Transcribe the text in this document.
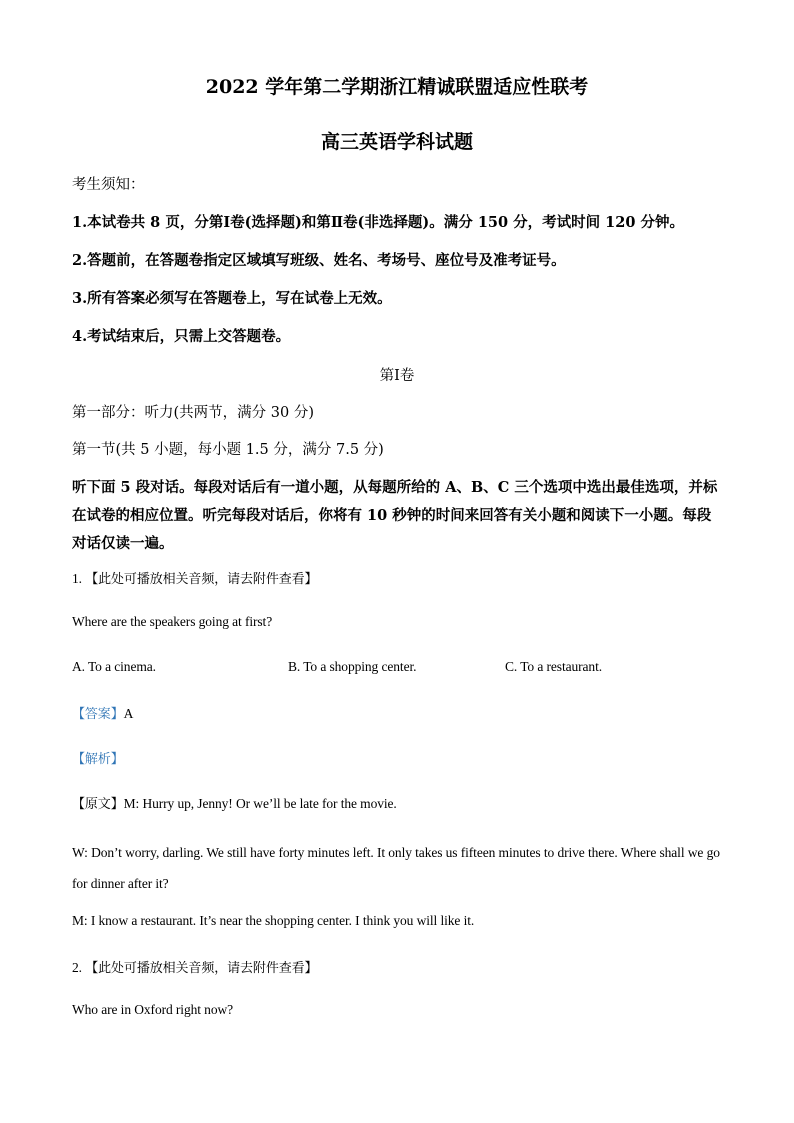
2022 学年第二学期浙江精诚联盟适应性联考
高三英语学科试题
考生须知：
1.本试卷共 8 页，分第Ⅰ卷(选择题)和第Ⅱ卷(非选择题)。满分 150 分，考试时间 120 分钟。
2.答题前，在答题卷指定区域填写班级、姓名、考场号、座位号及准考证号。
3.所有答案必须写在答题卷上，写在试卷上无效。
4.考试结束后，只需上交答题卷。
第Ⅰ卷
第一部分：听力(共两节，满分 30 分)
第一节(共 5 小题，每小题 1.5 分，满分 7.5 分)
听下面 5 段对话。每段对话后有一道小题，从每题所给的 A、B、C 三个选项中选出最佳选项，并标在试卷的相应位置。听完每段对话后，你将有 10 秒钟的时间来回答有关小题和阅读下一小题。每段对话仅读一遍。
1. 【此处可播放相关音频，请去附件查看】
Where are the speakers going at first?
A. To a cinema.	B. To a shopping center.	C. To a restaurant.
【答案】A
【解析】
【原文】M: Hurry up, Jenny! Or we’ll be late for the movie.
W: Don’t worry, darling. We still have forty minutes left. It only takes us fifteen minutes to drive there. Where shall we go for dinner after it?
M: I know a restaurant. It’s near the shopping center. I think you will like it.
2. 【此处可播放相关音频，请去附件查看】
Who are in Oxford right now?
